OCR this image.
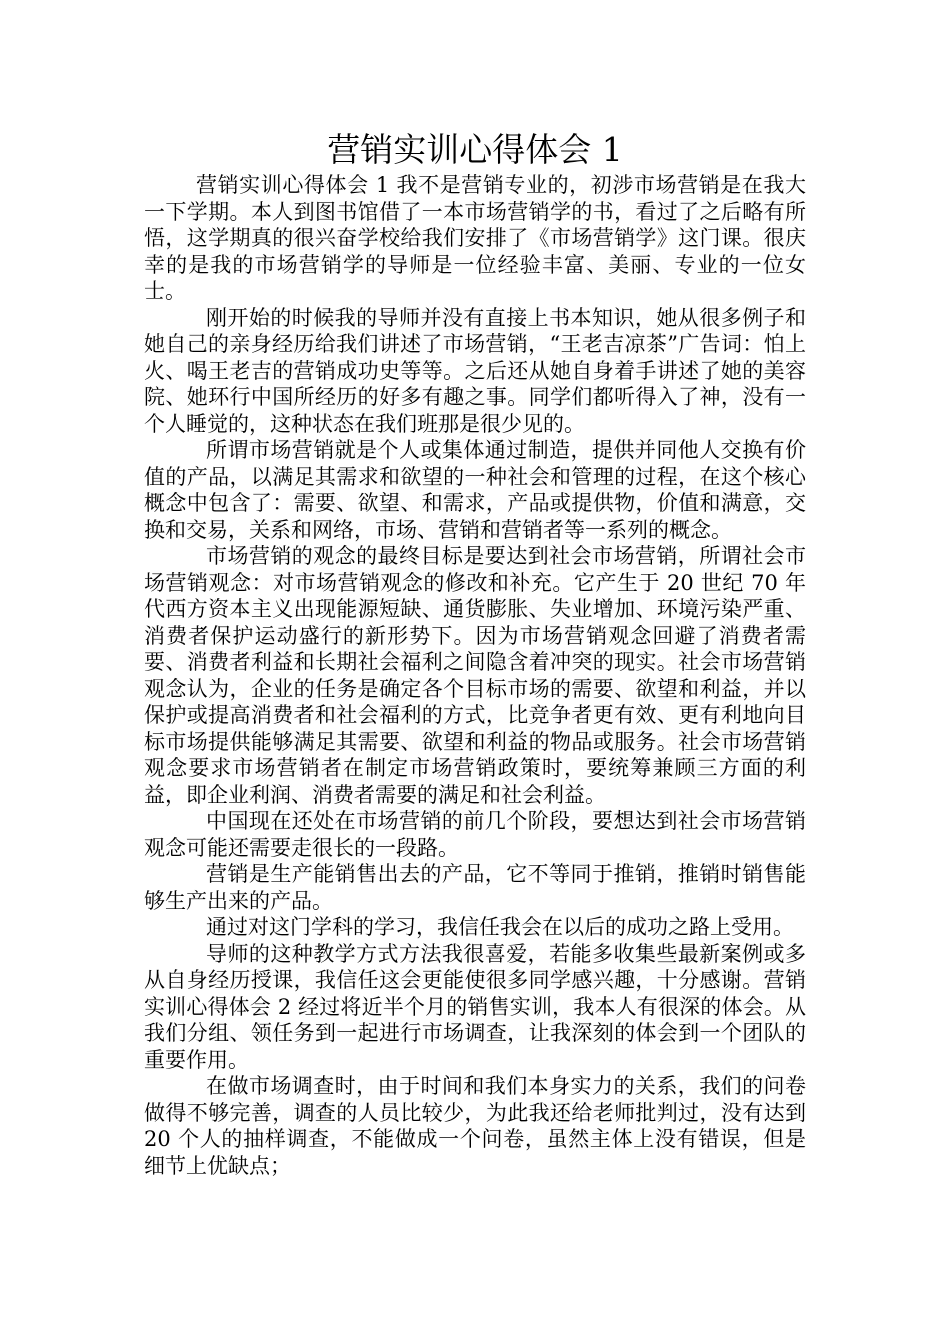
营销实训心得体会 1

营销实训心得体会 1 我不是营销专业的，初涉市场营销是在我大一下学期。本人到图书馆借了一本市场营销学的书，看过了之后略有所悟，这学期真的很兴奋学校给我们安排了《市场营销学》这门课。很庆幸的是我的市场营销学的导师是一位经验丰富、美丽、专业的一位女士。

刚开始的时候我的导师并没有直接上书本知识，她从很多例子和她自己的亲身经历给我们讲述了市场营销，“王老吉凉茶”广告词：怕上火、喝王老吉的营销成功史等等。之后还从她自身着手讲述了她的美容院、她环行中国所经历的好多有趣之事。同学们都听得入了神，没有一个人睡觉的，这种状态在我们班那是很少见的。

所谓市场营销就是个人或集体通过制造，提供并同他人交换有价值的产品，以满足其需求和欲望的一种社会和管理的过程，在这个核心概念中包含了：需要、欲望、和需求，产品或提供物，价值和满意，交换和交易，关系和网络，市场、营销和营销者等一系列的概念。

市场营销的观念的最终目标是要达到社会市场营销，所谓社会市场营销观念：对市场营销观念的修改和补充。它产生于 20 世纪 70 年代西方资本主义出现能源短缺、通货膨胀、失业增加、环境污染严重、消费者保护运动盛行的新形势下。因为市场营销观念回避了消费者需要、消费者利益和长期社会福利之间隐含着冲突的现实。社会市场营销观念认为，企业的任务是确定各个目标市场的需要、欲望和利益，并以保护或提高消费者和社会福利的方式，比竞争者更有效、更有利地向目标市场提供能够满足其需要、欲望和利益的物品或服务。社会市场营销观念要求市场营销者在制定市场营销政策时，要统筹兼顾三方面的利益，即企业利润、消费者需要的满足和社会利益。

中国现在还处在市场营销的前几个阶段，要想达到社会市场营销观念可能还需要走很长的一段路。

营销是生产能销售出去的产品，它不等同于推销，推销时销售能够生产出来的产品。

通过对这门学科的学习，我信任我会在以后的成功之路上受用。

导师的这种教学方式方法我很喜爱，若能多收集些最新案例或多从自身经历授课，我信任这会更能使很多同学感兴趣，十分感谢。营销实训心得体会 2 经过将近半个月的销售实训，我本人有很深的体会。从我们分组、领任务到一起进行市场调查，让我深刻的体会到一个团队的重要作用。

在做市场调查时，由于时间和我们本身实力的关系，我们的问卷做得不够完善，调查的人员比较少，为此我还给老师批判过，没有达到 20 个人的抽样调查，不能做成一个问卷，虽然主体上没有错误，但是细节上优缺点；
